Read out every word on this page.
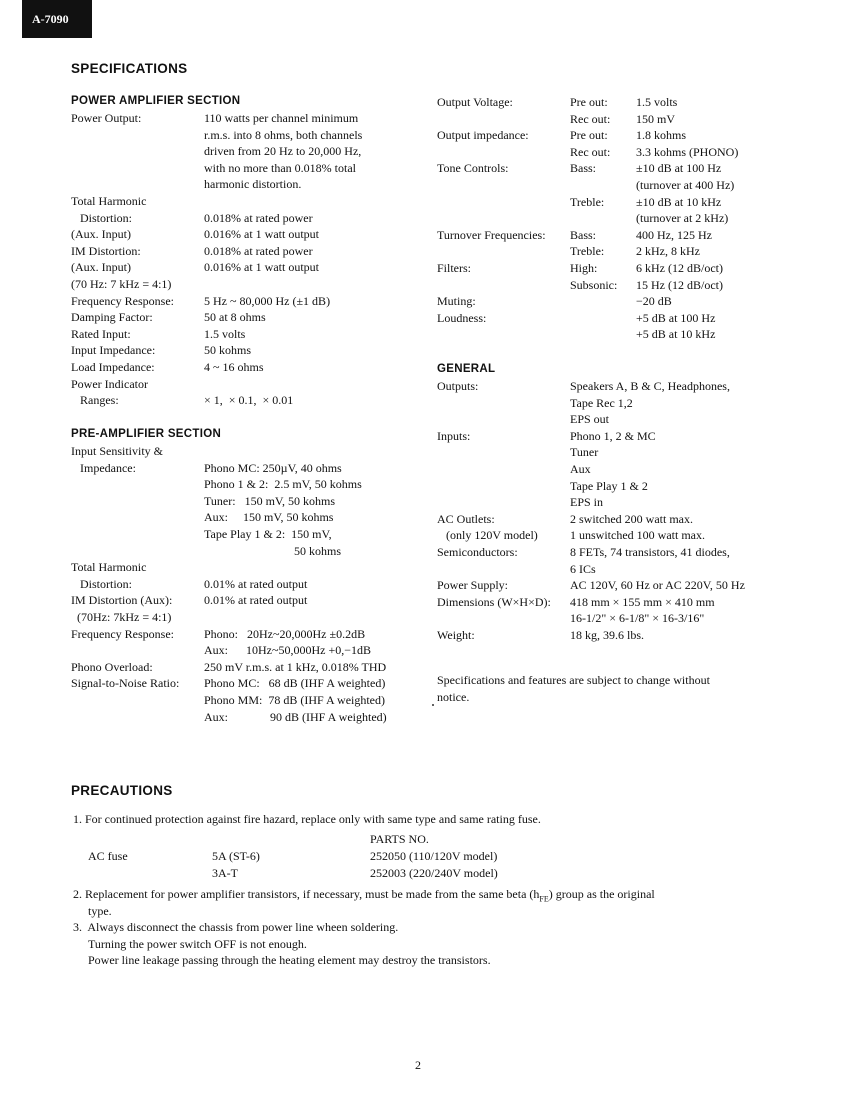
A-7090
SPECIFICATIONS
POWER AMPLIFIER SECTION
Power Output:

Total Harmonic
Distortion:
(Aux. Input)
IM Distortion:
(Aux. Input)
(70 Hz: 7 kHz = 4:1)
Frequency Response:
Damping Factor:
Rated Input:
Input Impedance:
Load Impedance:
Power Indicator
Ranges:
110 watts per channel minimum
r.m.s. into 8 ohms, both channels
driven from 20 Hz to 20,000 Hz,
with no more than 0.018% total
harmonic distortion.

0.018% at rated power
0.016% at 1 watt output
0.018% at rated power
0.016% at 1 watt output

5 Hz ~ 80,000 Hz (±1 dB)
50 at 8 ohms
1.5 volts
50 kohms
4 ~ 16 ohms

× 1,  × 0.1,  × 0.01
PRE-AMPLIFIER SECTION
Input Sensitivity &
Impedance:

Total Harmonic
Distortion:
IM Distortion (Aux):
(70Hz: 7kHz = 4:1)
Frequency Response:

Phono Overload:
Signal-to-Noise Ratio:

Phono MC: 250µV, 40 ohms
Phono 1 & 2:  2.5 mV, 50 kohms
Tuner:   150 mV, 50 kohms
Aux:     150 mV, 50 kohms
Tape Play 1 & 2:  150 mV,
50 kohms

0.01% at rated output
0.01% at rated output

Phono:   20Hz~20,000Hz ±0.2dB
Aux:      10Hz~50,000Hz +0,−1dB
250 mV r.m.s. at 1 kHz, 0.018% THD
Phono MC:   68 dB (IHF A weighted)
Phono MM:  78 dB (IHF A weighted)
Aux:              90 dB (IHF A weighted)
Output Voltage:

Output impedance:

Tone Controls:

Turnover Frequencies:

Filters:

Muting:
Loudness:

Pre out:
Rec out:
Pre out:
Rec out:
Bass:

Treble:

Bass:
Treble:
High:
Subsonic:

1.5 volts
150 mV
1.8 kohms
3.3 kohms (PHONO)
±10 dB at 100 Hz
(turnover at 400 Hz)
±10 dB at 10 kHz
(turnover at 2 kHz)
400 Hz, 125 Hz
2 kHz, 8 kHz
6 kHz (12 dB/oct)
15 Hz (12 dB/oct)
−20 dB
+5 dB at 100 Hz
+5 dB at 10 kHz
GENERAL
Outputs:

Inputs:

AC Outlets:
(only 120V model)
Semiconductors:

Power Supply:
Dimensions (W×H×D):

Weight:
Speakers A, B & C, Headphones,
Tape Rec 1,2
EPS out
Phono 1, 2 & MC
Tuner
Aux
Tape Play 1 & 2
EPS in
2 switched 200 watt max.
1 unswitched 100 watt max.
8 FETs, 74 transistors, 41 diodes,
6 ICs
AC 120V, 60 Hz or AC 220V, 50 Hz
418 mm × 155 mm × 410 mm
16-1/2" × 6-1/8" × 16-3/16"
18 kg, 39.6 lbs.
Specifications and features are subject to change without
notice.
PRECAUTIONS
1. For continued protection against fire hazard, replace only with same type and same rating fuse.
PARTS NO.
AC fuse	5A (ST-6)
3A-T
252050 (110/120V model)
252003 (220/240V model)
2. Replacement for power amplifier transistors, if necessary, must be made from the same beta $(h_{FE})$ group as the original
type.
3.  Always disconnect the chassis from power line wheen soldering.
Turning the power switch OFF is not enough.
Power line leakage passing through the heating element may destroy the transistors.
2
